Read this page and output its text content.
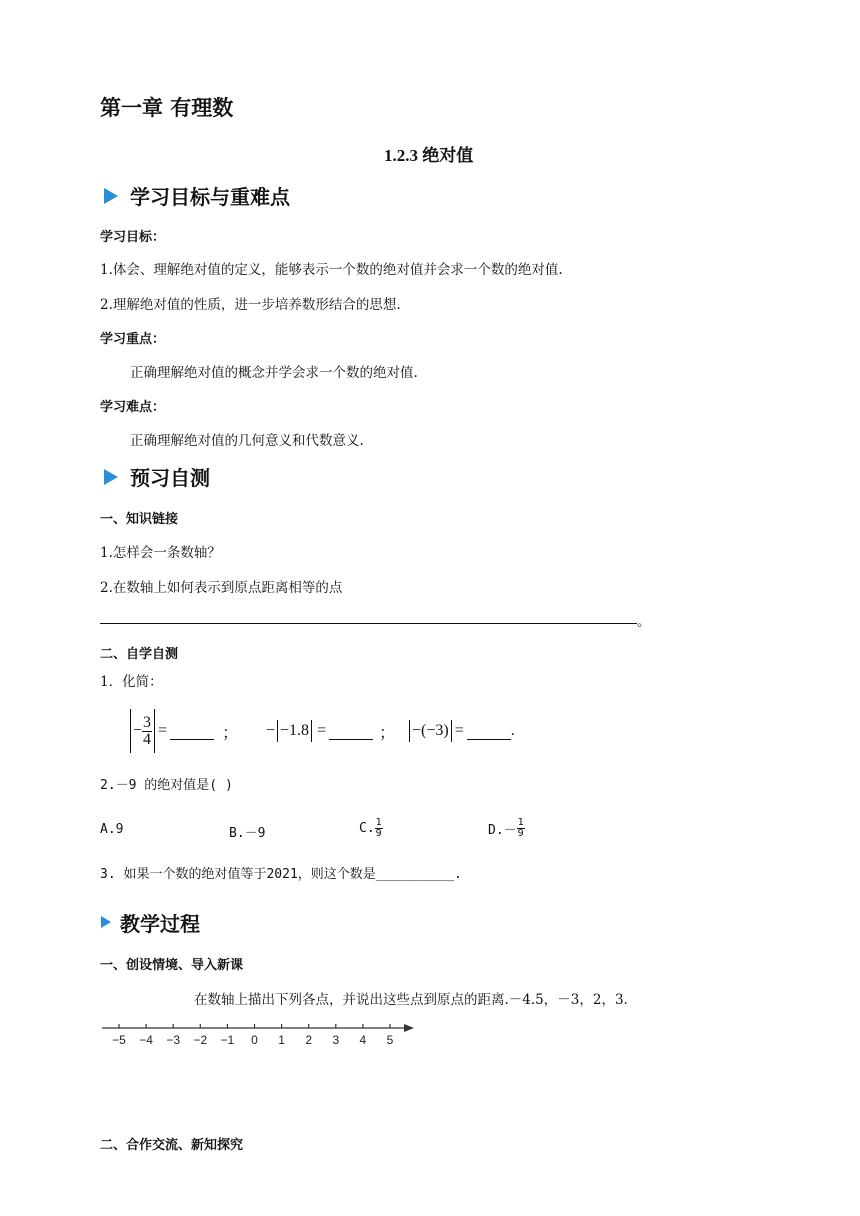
第一章 有理数
1.2.3 绝对值
学习目标与重难点
学习目标：
1.体会、理解绝对值的定义，能够表示一个数的绝对值并会求一个数的绝对值.
2.理解绝对值的性质，进一步培养数形结合的思想.
学习重点：
正确理解绝对值的概念并学会求一个数的绝对值.
学习难点：
正确理解绝对值的几何意义和代数意义.
预习自测
一、知识链接
1.怎样会一条数轴？
2.在数轴上如何表示到原点距离相等的点
。
二、自学自测
1．化简：
− $\frac{3}{4}$ =	； − −1.8 =	； −(−3) =	.
2.－9 的绝对值是( )
A.9	B.－9	C. $\frac{1}{9}$	$D.- \frac{1}{9}$
3. 如果一个数的绝对值等于2021，则这个数是__________.
教学过程
一、创设情境、导入新课
在数轴上描出下列各点，并说出这些点到原点的距离.－4.5，－3，2，3.
−5 −4 −3 −2 −1 0 1 2 3 4 5
二、合作交流、新知探究
